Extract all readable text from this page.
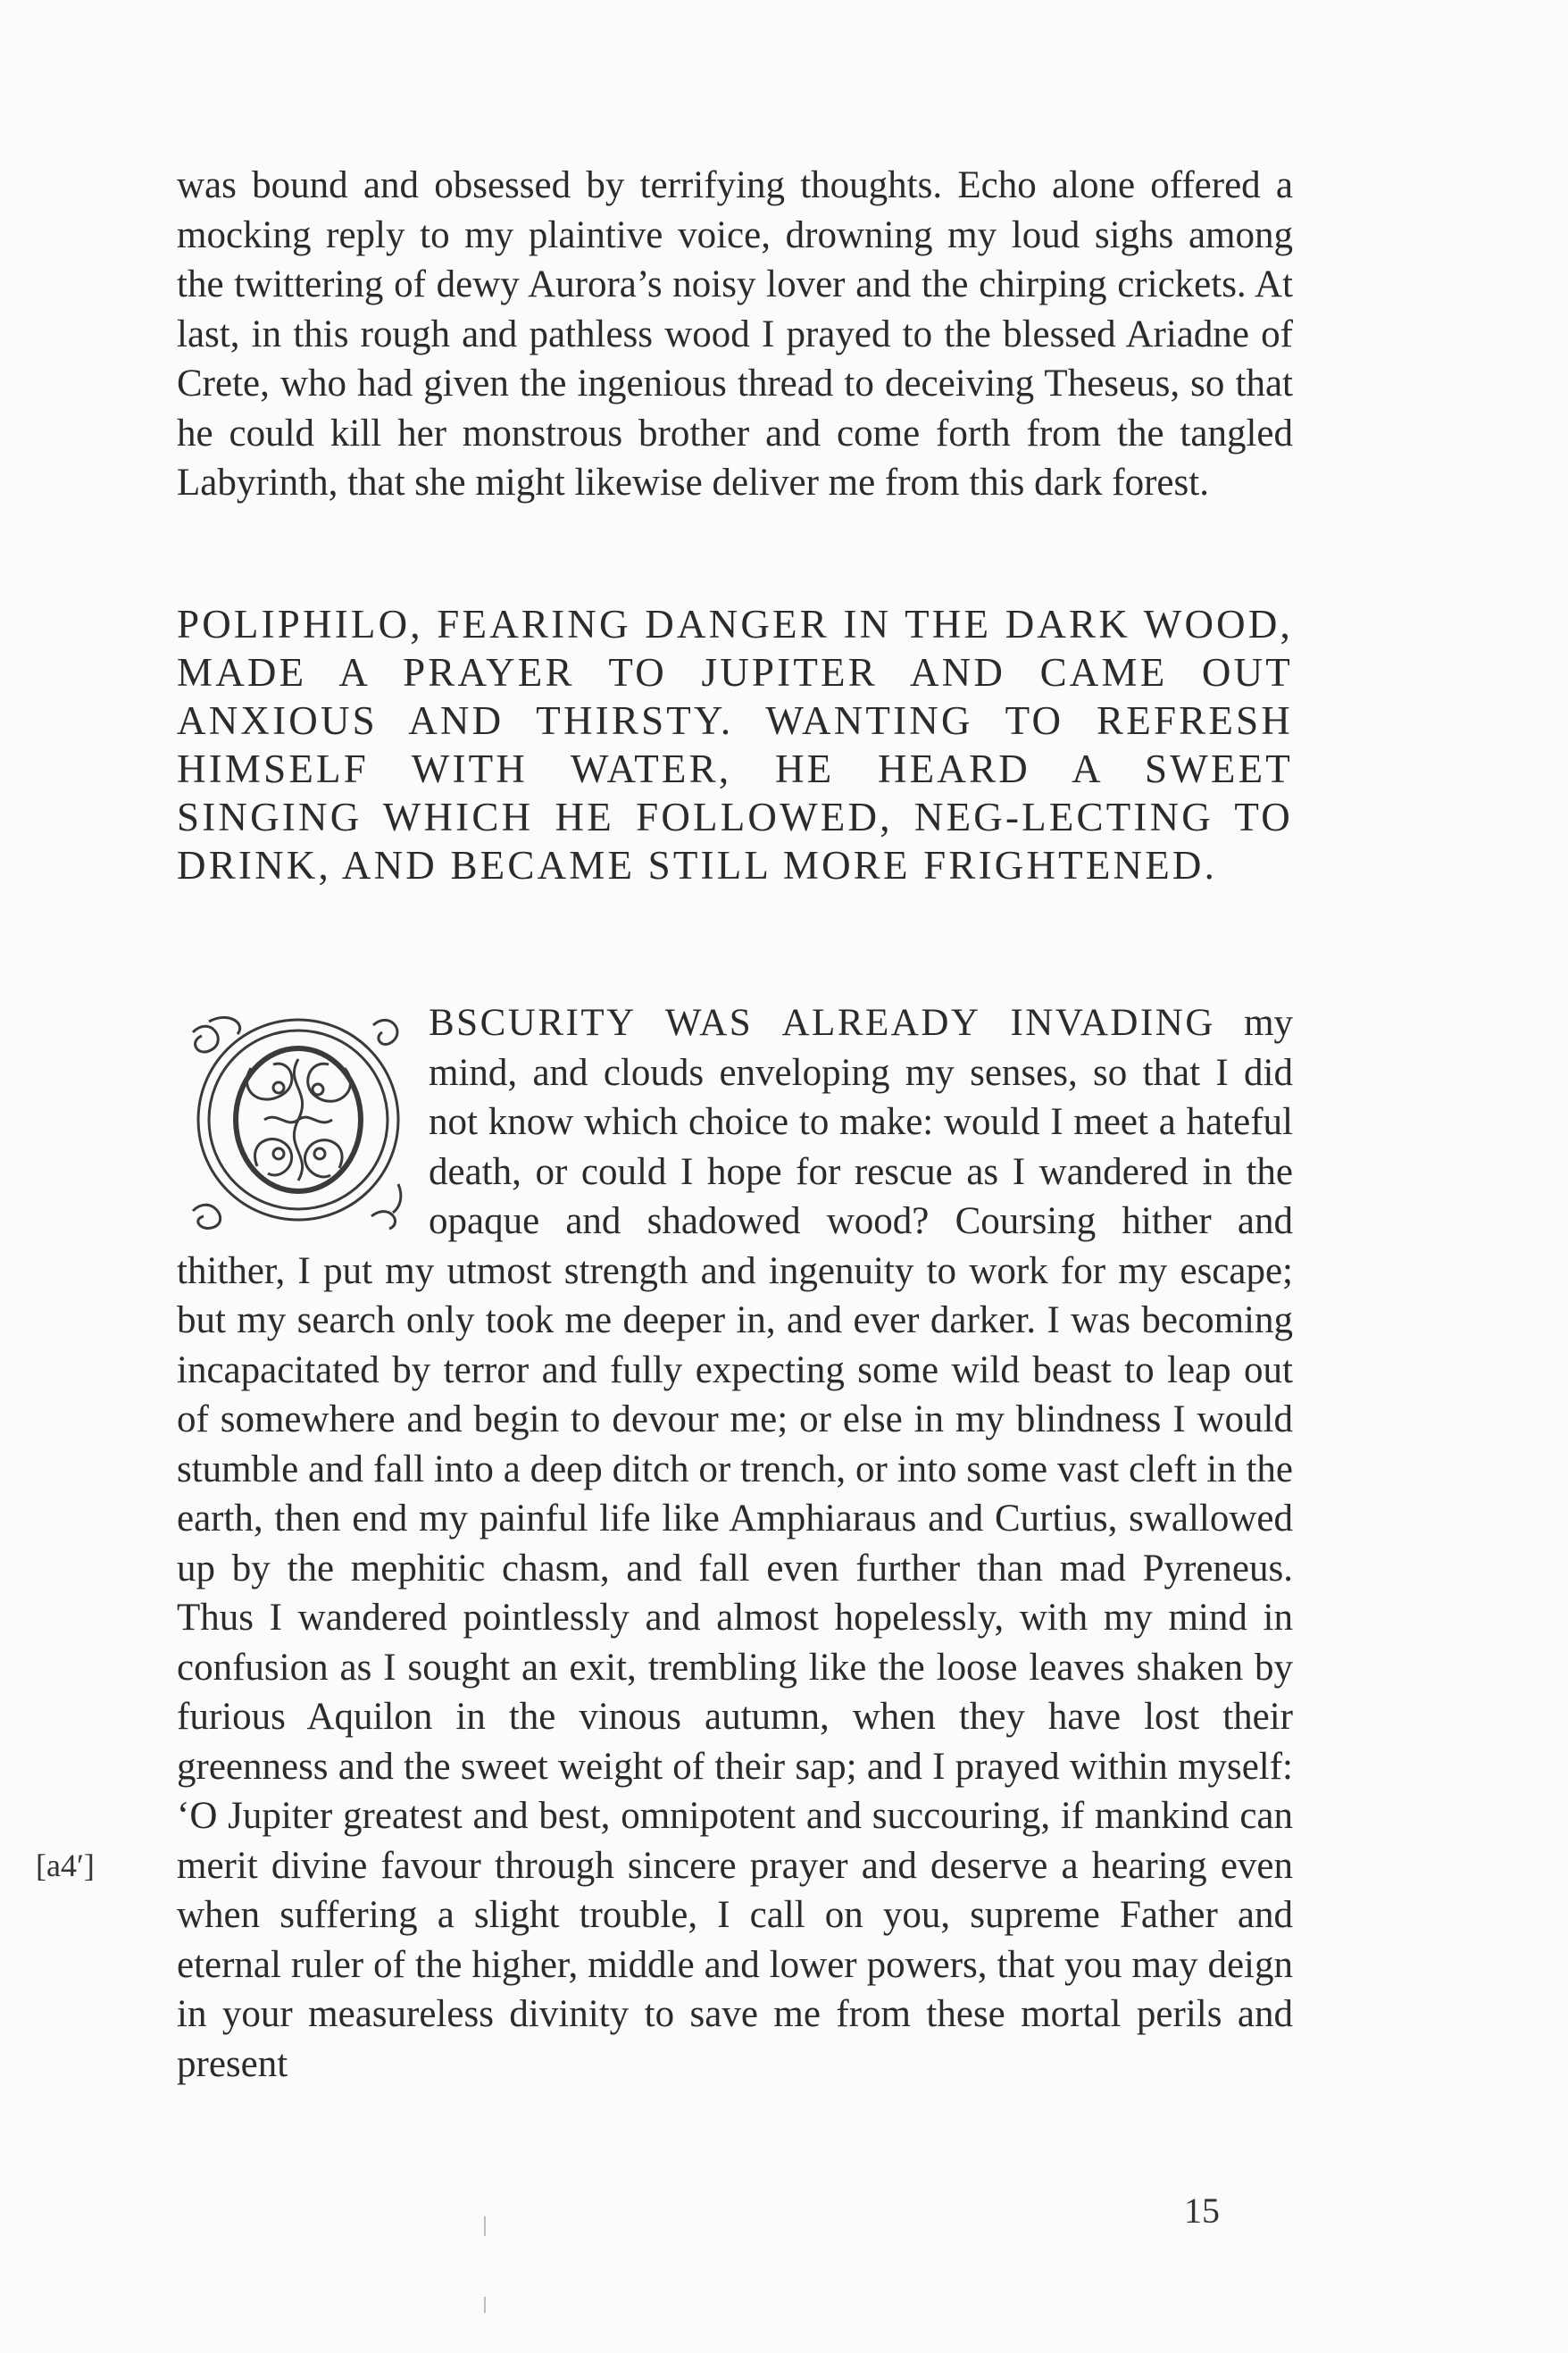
was bound and obsessed by terrifying thoughts. Echo alone offered a mocking reply to my plaintive voice, drowning my loud sighs among the twittering of dewy Aurora’s noisy lover and the chirping crickets. At last, in this rough and pathless wood I prayed to the blessed Ariadne of Crete, who had given the ingenious thread to deceiving Theseus, so that he could kill her monstrous brother and come forth from the tangled Labyrinth, that she might likewise deliver me from this dark forest.

POLIPHILO, FEARING DANGER IN THE DARK WOOD, MADE A PRAYER TO JUPITER AND CAME OUT ANXIOUS AND THIRSTY. WANTING TO REFRESH HIMSELF WITH WATER, HE HEARD A SWEET SINGING WHICH HE FOLLOWED, NEG‑LECTING TO DRINK, AND BECAME STILL MORE FRIGHTENED.

BSCURITY WAS ALREADY INVADING my mind, and clouds enveloping my senses, so that I did not know which choice to make: would I meet a hateful death, or could I hope for rescue as I wandered in the opaque and shadowed wood? Coursing hither and thither, I put my utmost strength and ingenuity to work for my escape; but my search only took me deeper in, and ever darker. I was becoming incapacitated by terror and fully expecting some wild beast to leap out of somewhere and begin to devour me; or else in my blindness I would stumble and fall into a deep ditch or trench, or into some vast cleft in the earth, then end my painful life like Amphiaraus and Curtius, swallowed up by the mephitic chasm, and fall even further than mad Pyreneus. Thus I wandered pointlessly and almost hopelessly, with my mind in confusion as I sought an exit, trembling like the loose leaves shaken by furious Aquilon in the vinous autumn, when they have lost their greenness and the sweet weight of their sap; and I prayed within myself: ‘O Jupiter greatest and best, omnipotent and succouring, if mankind can merit divine favour through sincere prayer and deserve a hearing even when suffering a slight trouble, I call on you, supreme Father and eternal ruler of the higher, middle and lower powers, that you may deign in your measureless divinity to save me from these mortal perils and present
[a4ʹ]
15
